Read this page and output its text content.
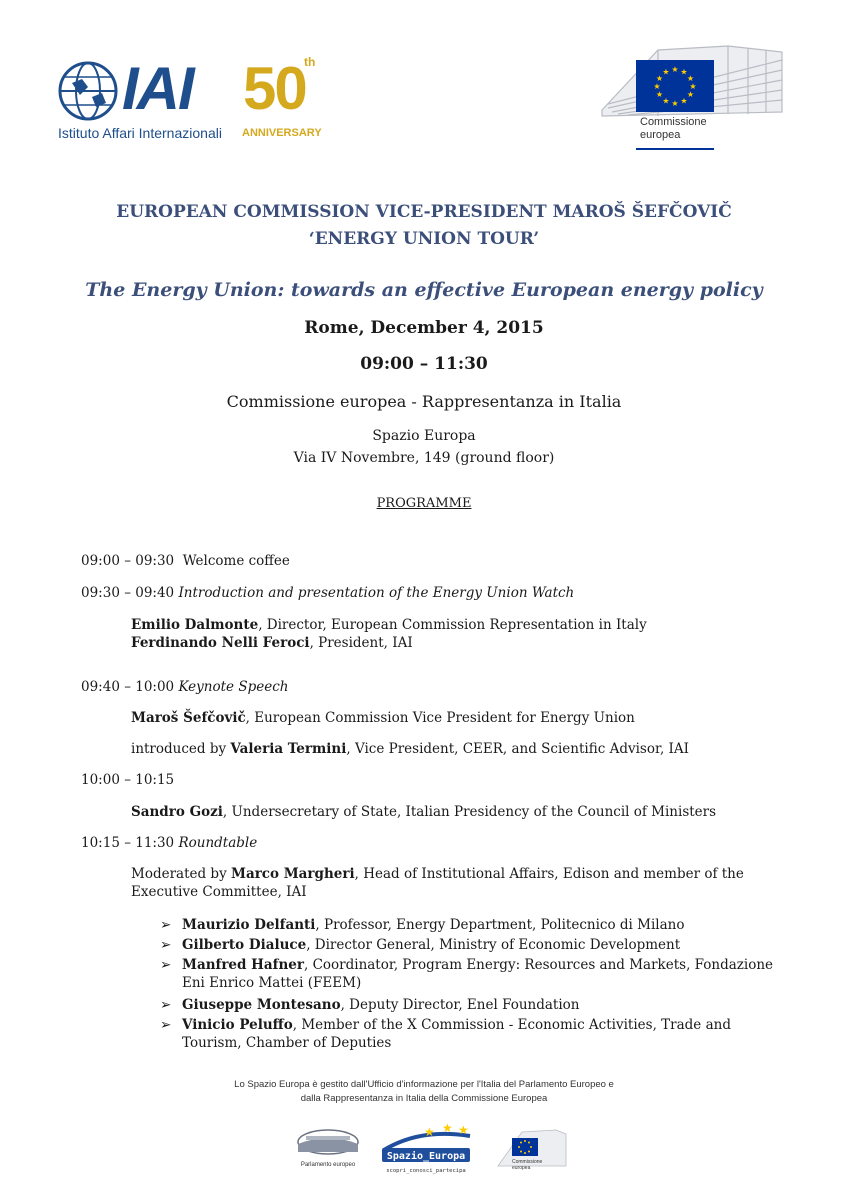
IAI 50
th
Istituto Affari Internazionali ANNIVERSARY
★ ★
★
★
★
★
★
★
★
★
★
★
Commissione
europea
EUROPEAN COMMISSION VICE-PRESIDENT MAROŠ ŠEFČOVIČ
‘ENERGY UNION TOUR’
The Energy Union: towards an effective European energy policy
Rome, December 4, 2015
09:00 – 11:30
Commissione europea - Rappresentanza in Italia
Spazio Europa
Via IV Novembre, 149 (ground floor)
PROGRAMME
09:00 – 09:30 Welcome coffee
09:30 – 09:40 Introduction and presentation of the Energy Union Watch
Emilio Dalmonte, Director, European Commission Representation in Italy
Ferdinando Nelli Feroci, President, IAI
09:40 – 10:00 Keynote Speech
Maroš Šefčovič, European Commission Vice President for Energy Union
introduced by Valeria Termini, Vice President, CEER, and Scientific Advisor, IAI
10:00 – 10:15
Sandro Gozi, Undersecretary of State, Italian Presidency of the Council of Ministers
10:15 – 11:30 Roundtable
Moderated by Marco Margheri, Head of Institutional Affairs, Edison and member of the
Executive Committee, IAI
➢ Maurizio Delfanti, Professor, Energy Department, Politecnico di Milano
➢ Gilberto Dialuce, Director General, Ministry of Economic Development
➢ Manfred Hafner, Coordinator, Program Energy: Resources and Markets, Fondazione
Eni Enrico Mattei (FEEM)
➢ Giuseppe Montesano, Deputy Director, Enel Foundation
➢ Vinicio Peluffo, Member of the X Commission - Economic Activities, Trade and
Tourism, Chamber of Deputies
Lo Spazio Europa è gestito dall'Ufficio d'informazione per l'Italia del Parlamento Europeo e
dalla Rappresentanza in Italia della Commissione Europea
Parlamento europeo
★ ★ ★
Spazio_Europa
scopri_conosci_partecipa
Commissione
europea
